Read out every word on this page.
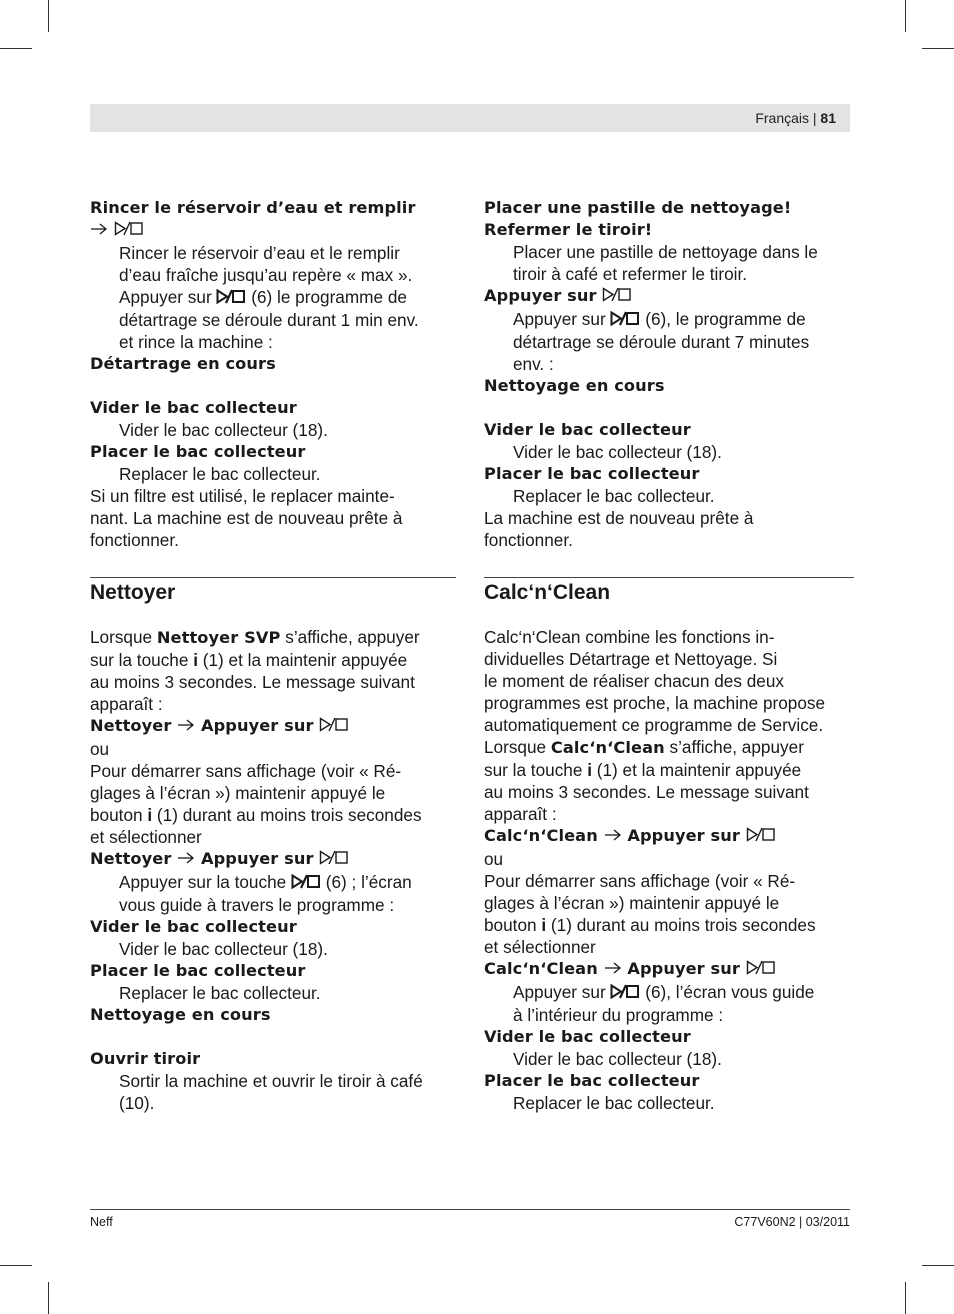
Français | 81

Rincer le réservoir d’eau et remplir

Rincer le réservoir d’eau et le remplir

d’eau fraîche jusqu’au repère « max ».

Appuyer sur (6) le programme de

détartrage se déroule durant 1 min env.

et rince la machine :

Détartrage en cours

Vider le bac collecteur

Vider le bac collecteur (18).

Placer le bac collecteur

Replacer le bac collecteur.

Si un filtre est utilisé, le replacer mainte-

nant. La machine est de nouveau prête à

fonctionner.

Nettoyer

Lorsque Nettoyer SVP s’affiche, appuyer

sur la touche i (1) et la maintenir appuyée

au moins 3 secondes. Le message suivant

apparaît :

Nettoyer Appuyer sur

ou

Pour démarrer sans affichage (voir « Ré-

glages à l’écran ») maintenir appuyé le

bouton i (1) durant au moins trois secondes

et sélectionner

Nettoyer Appuyer sur

Appuyer sur la touche (6) ; l’écran

vous guide à travers le programme :

Vider le bac collecteur

Vider le bac collecteur (18).

Placer le bac collecteur

Replacer le bac collecteur.

Nettoyage en cours

Ouvrir tiroir

Sortir la machine et ouvrir le tiroir à café

(10).

Placer une pastille de nettoyage!

Refermer le tiroir!

Placer une pastille de nettoyage dans le

tiroir à café et refermer le tiroir.

Appuyer sur

Appuyer sur (6), le programme de

détartrage se déroule durant 7 minutes

env. :

Nettoyage en cours

Vider le bac collecteur

Vider le bac collecteur (18).

Placer le bac collecteur

Replacer le bac collecteur.

La machine est de nouveau prête à

fonctionner.

Calc‘n‘Clean

Calc‘n‘Clean combine les fonctions in-

dividuelles Détartrage et Nettoyage. Si

le moment de réaliser chacun des deux

programmes est proche, la machine propose

automatiquement ce programme de Service.

Lorsque Calc‘n‘Clean s’affiche, appuyer

sur la touche i (1) et la maintenir appuyée

au moins 3 secondes. Le message suivant

apparaît :

Calc‘n‘Clean Appuyer sur

ou

Pour démarrer sans affichage (voir « Ré-

glages à l’écran ») maintenir appuyé le

bouton i (1) durant au moins trois secondes

et sélectionner

Calc‘n‘Clean Appuyer sur

Appuyer sur (6), l’écran vous guide

à l’intérieur du programme :

Vider le bac collecteur

Vider le bac collecteur (18).

Placer le bac collecteur

Replacer le bac collecteur.

Neff	C77V60N2 | 03/2011
